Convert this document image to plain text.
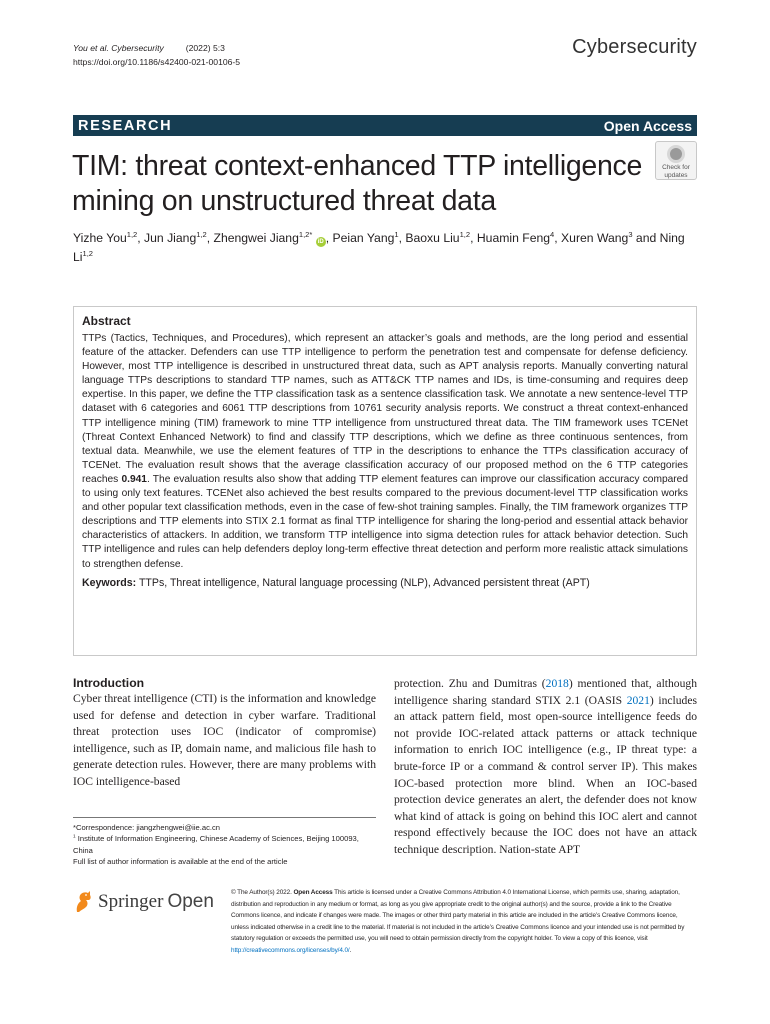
You et al. Cybersecurity	(2022) 5:3
https://doi.org/10.1186/s42400-021-00106-5
Cybersecurity
RESEARCH	Open Access
TIM: threat context-enhanced TTP intelligence mining on unstructured threat data
Check for
updates
Yizhe You$^{1,2}$, Jun Jiang$^{1,2}$, Zhengwei Jiang$^{1,2*}$ iD , Peian Yang$^1$, Baoxu Liu$^{1,2}$, Huamin Feng$^4$, Xuren Wang$^3$ and Ning Li$^{1,2}$
Abstract

TTPs (Tactics, Techniques, and Procedures), which represent an attacker’s goals and methods, are the long period and essential feature of the attacker. Defenders can use TTP intelligence to perform the penetration test and compensate for defense deficiency. However, most TTP intelligence is described in unstructured threat data, such as APT analysis reports. Manually converting natural language TTPs descriptions to standard TTP names, such as ATT&CK TTP names and IDs, is time-consuming and requires deep expertise. In this paper, we define the TTP classification task as a sentence classification task. We annotate a new sentence-level TTP dataset with 6 categories and 6061 TTP descriptions from 10761 security analysis reports. We construct a threat context-enhanced TTP intelligence mining (TIM) framework to mine TTP intelligence from unstructured threat data. The TIM framework uses TCENet (Threat Context Enhanced Network) to find and classify TTP descriptions, which we define as three continuous sentences, from textual data. Meanwhile, we use the element features of TTP in the descriptions to enhance the TTPs classification accuracy of TCENet. The evaluation result shows that the average classification accuracy of our proposed method on the 6 TTP categories reaches 0.941. The evaluation results also show that adding TTP element features can improve our classification accuracy compared to using only text features. TCENet also achieved the best results compared to the previous document-level TTP classification works and other popular text classification methods, even in the case of few-shot training samples. Finally, the TIM framework organizes TTP descriptions and TTP elements into STIX 2.1 format as final TTP intelligence for sharing the long-period and essential attack behavior characteristics of attackers. In addition, we transform TTP intelligence into sigma detection rules for attack behavior detection. Such TTP intelligence and rules can help defenders deploy long-term effective threat detection and perform more realistic attack simulations to strengthen defense.

Keywords: TTPs, Threat intelligence, Natural language processing (NLP), Advanced persistent threat (APT)
Introduction

Cyber threat intelligence (CTI) is the information and knowledge used for defense and detection in cyber warfare. Traditional threat protection uses IOC (indicator of compromise) intelligence, such as IP, domain name, and malicious file hash to generate detection rules. However, there are many problems with IOC intelligence-based

protection. Zhu and Dumitras (2018) mentioned that, although intelligence sharing standard STIX 2.1 (OASIS 2021) includes an attack pattern field, most open-source intelligence feeds do not provide IOC-related attack patterns or attack technique information to enrich IOC intelligence (e.g., IP threat type: a brute-force IP or a command & control server IP). This makes IOC-based protection more blind. When an IOC-based protection device generates an alert, the defender does not know what kind of attack is going on behind this IOC alert and cannot respond effectively because the IOC does not have an attack technique description. Nation-state APT

*Correspondence: jiangzhengwei@iie.ac.cn
$^1$ Institute of Information Engineering, Chinese Academy of Sciences, Beijing 100093, China
Full list of author information is available at the end of the article
Springer Open	© The Author(s) 2022. Open Access This article is licensed under a Creative Commons Attribution 4.0 International License, which permits use, sharing, adaptation, distribution and reproduction in any medium or format, as long as you give appropriate credit to the original author(s) and the source, provide a link to the Creative Commons licence, and indicate if changes were made. The images or other third party material in this article are included in the article’s Creative Commons licence, unless indicated otherwise in a credit line to the material. If material is not included in the article’s Creative Commons licence and your intended use is not permitted by statutory regulation or exceeds the permitted use, you will need to obtain permission directly from the copyright holder. To view a copy of this licence, visit http://creativecommons.org/licenses/by/4.0/.
